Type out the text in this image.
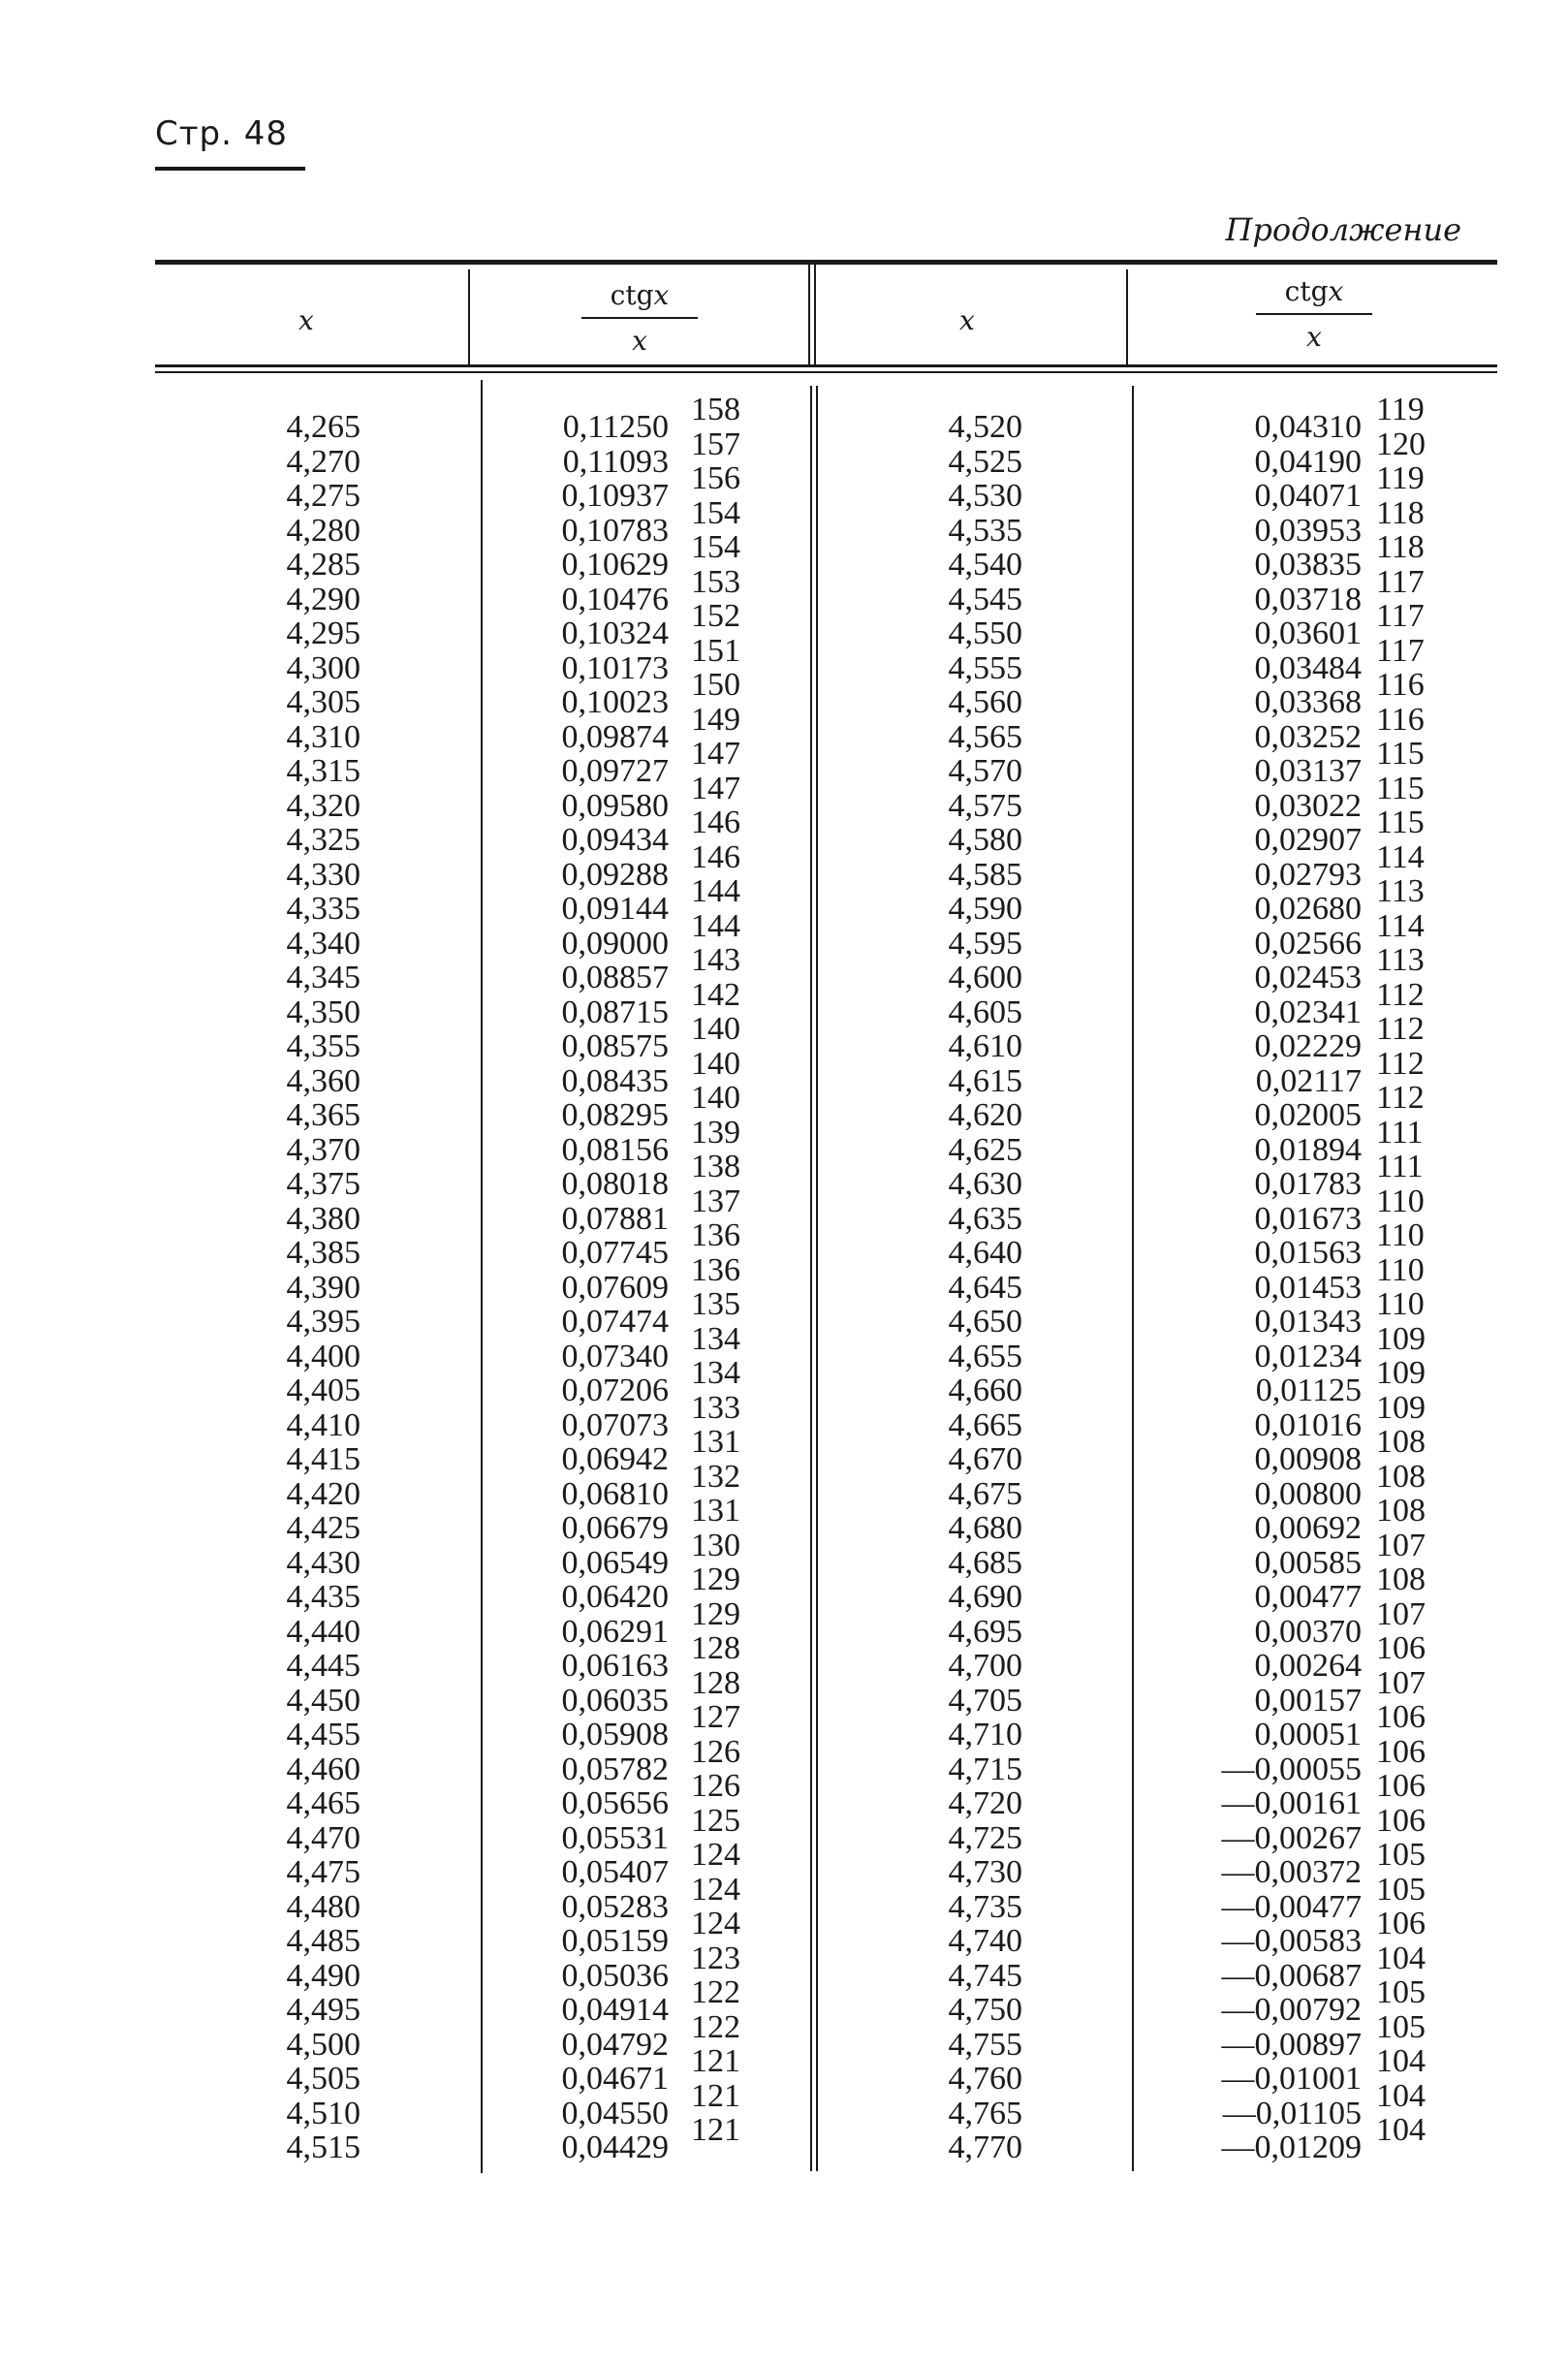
Стр. 48
Продолжение
x
ctgx
x
x
ctgx
x
4,265
4,270
4,275
4,280
4,285
4,290
4,295
4,300
4,305
4,310
4,315
4,320
4,325
4,330
4,335
4,340
4,345
4,350
4,355
4,360
4,365
4,370
4,375
4,380
4,385
4,390
4,395
4,400
4,405
4,410
4,415
4,420
4,425
4,430
4,435
4,440
4,445
4,450
4,455
4,460
4,465
4,470
4,475
4,480
4,485
4,490
4,495
4,500
4,505
4,510
4,515
0,11250
0,11093
0,10937
0,10783
0,10629
0,10476
0,10324
0,10173
0,10023
0,09874
0,09727
0,09580
0,09434
0,09288
0,09144
0,09000
0,08857
0,08715
0,08575
0,08435
0,08295
0,08156
0,08018
0,07881
0,07745
0,07609
0,07474
0,07340
0,07206
0,07073
0,06942
0,06810
0,06679
0,06549
0,06420
0,06291
0,06163
0,06035
0,05908
0,05782
0,05656
0,05531
0,05407
0,05283
0,05159
0,05036
0,04914
0,04792
0,04671
0,04550
0,04429
158
157
156
154
154
153
152
151
150
149
147
147
146
146
144
144
143
142
140
140
140
139
138
137
136
136
135
134
134
133
131
132
131
130
129
129
128
128
127
126
126
125
124
124
124
123
122
122
121
121
121
4,520
4,525
4,530
4,535
4,540
4,545
4,550
4,555
4,560
4,565
4,570
4,575
4,580
4,585
4,590
4,595
4,600
4,605
4,610
4,615
4,620
4,625
4,630
4,635
4,640
4,645
4,650
4,655
4,660
4,665
4,670
4,675
4,680
4,685
4,690
4,695
4,700
4,705
4,710
4,715
4,720
4,725
4,730
4,735
4,740
4,745
4,750
4,755
4,760
4,765
4,770
0,04310
0,04190
0,04071
0,03953
0,03835
0,03718
0,03601
0,03484
0,03368
0,03252
0,03137
0,03022
0,02907
0,02793
0,02680
0,02566
0,02453
0,02341
0,02229
0,02117
0,02005
0,01894
0,01783
0,01673
0,01563
0,01453
0,01343
0,01234
0,01125
0,01016
0,00908
0,00800
0,00692
0,00585
0,00477
0,00370
0,00264
0,00157
0,00051
—0,00055
—0,00161
—0,00267
—0,00372
—0,00477
—0,00583
—0,00687
—0,00792
—0,00897
—0,01001
—0,01105
—0,01209
119
120
119
118
118
117
117
117
116
116
115
115
115
114
113
114
113
112
112
112
112
111
111
110
110
110
110
109
109
109
108
108
108
107
108
107
106
107
106
106
106
106
105
105
106
104
105
105
104
104
104
